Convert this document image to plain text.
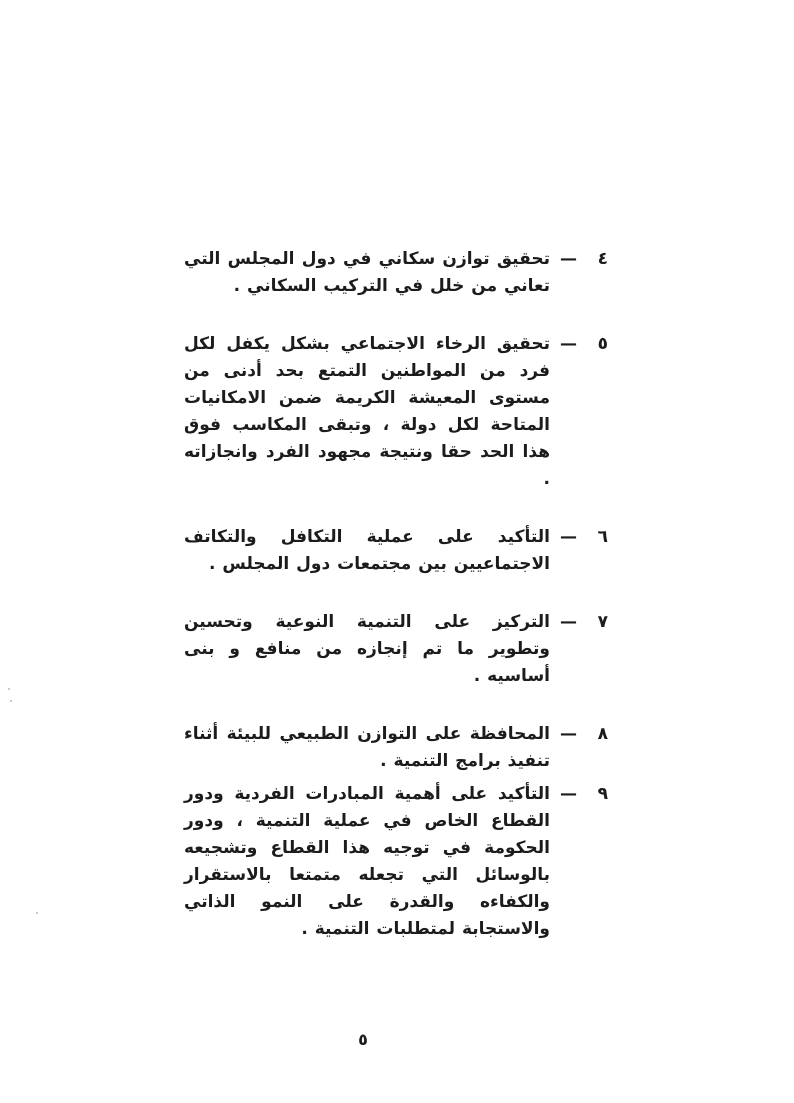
٤
—

تحقيق توازن سكاني في دول المجلس التي تعاني من خلل في التركيب السكاني .

٥
—

تحقيق الرخاء الاجتماعي بشكل يكفل لكل فرد من المواطنين التمتع بحد أدنى من مستوى المعيشة الكريمة ضمن الامكانيات المتاحة لكل دولة ، وتبقى المكاسب فوق هذا الحد حقا ونتيجة مجهود الفرد وانجازاته .

٦
—

التأكيد على عملية التكافل والتكاتف الاجتماعيين بين مجتمعات دول المجلس .

٧
—

التركيز على التنمية النوعية وتحسين وتطوير ما تم إنجازه من منافع و بنى أساسيه .

٨
—

المحافظة على التوازن الطبيعي للبيئة أثناء تنفيذ برامج التنمية .

٩
—

التأكيد على أهمية المبادرات الفردية ودور القطاع الخاص في عملية التنمية ، ودور الحكومة في توجيه هذا القطاع وتشجيعه بالوسائل التي تجعله متمتعا بالاستقرار والكفاءه والقدرة على النمو الذاتي والاستجابة لمتطلبات التنمية .

٥
